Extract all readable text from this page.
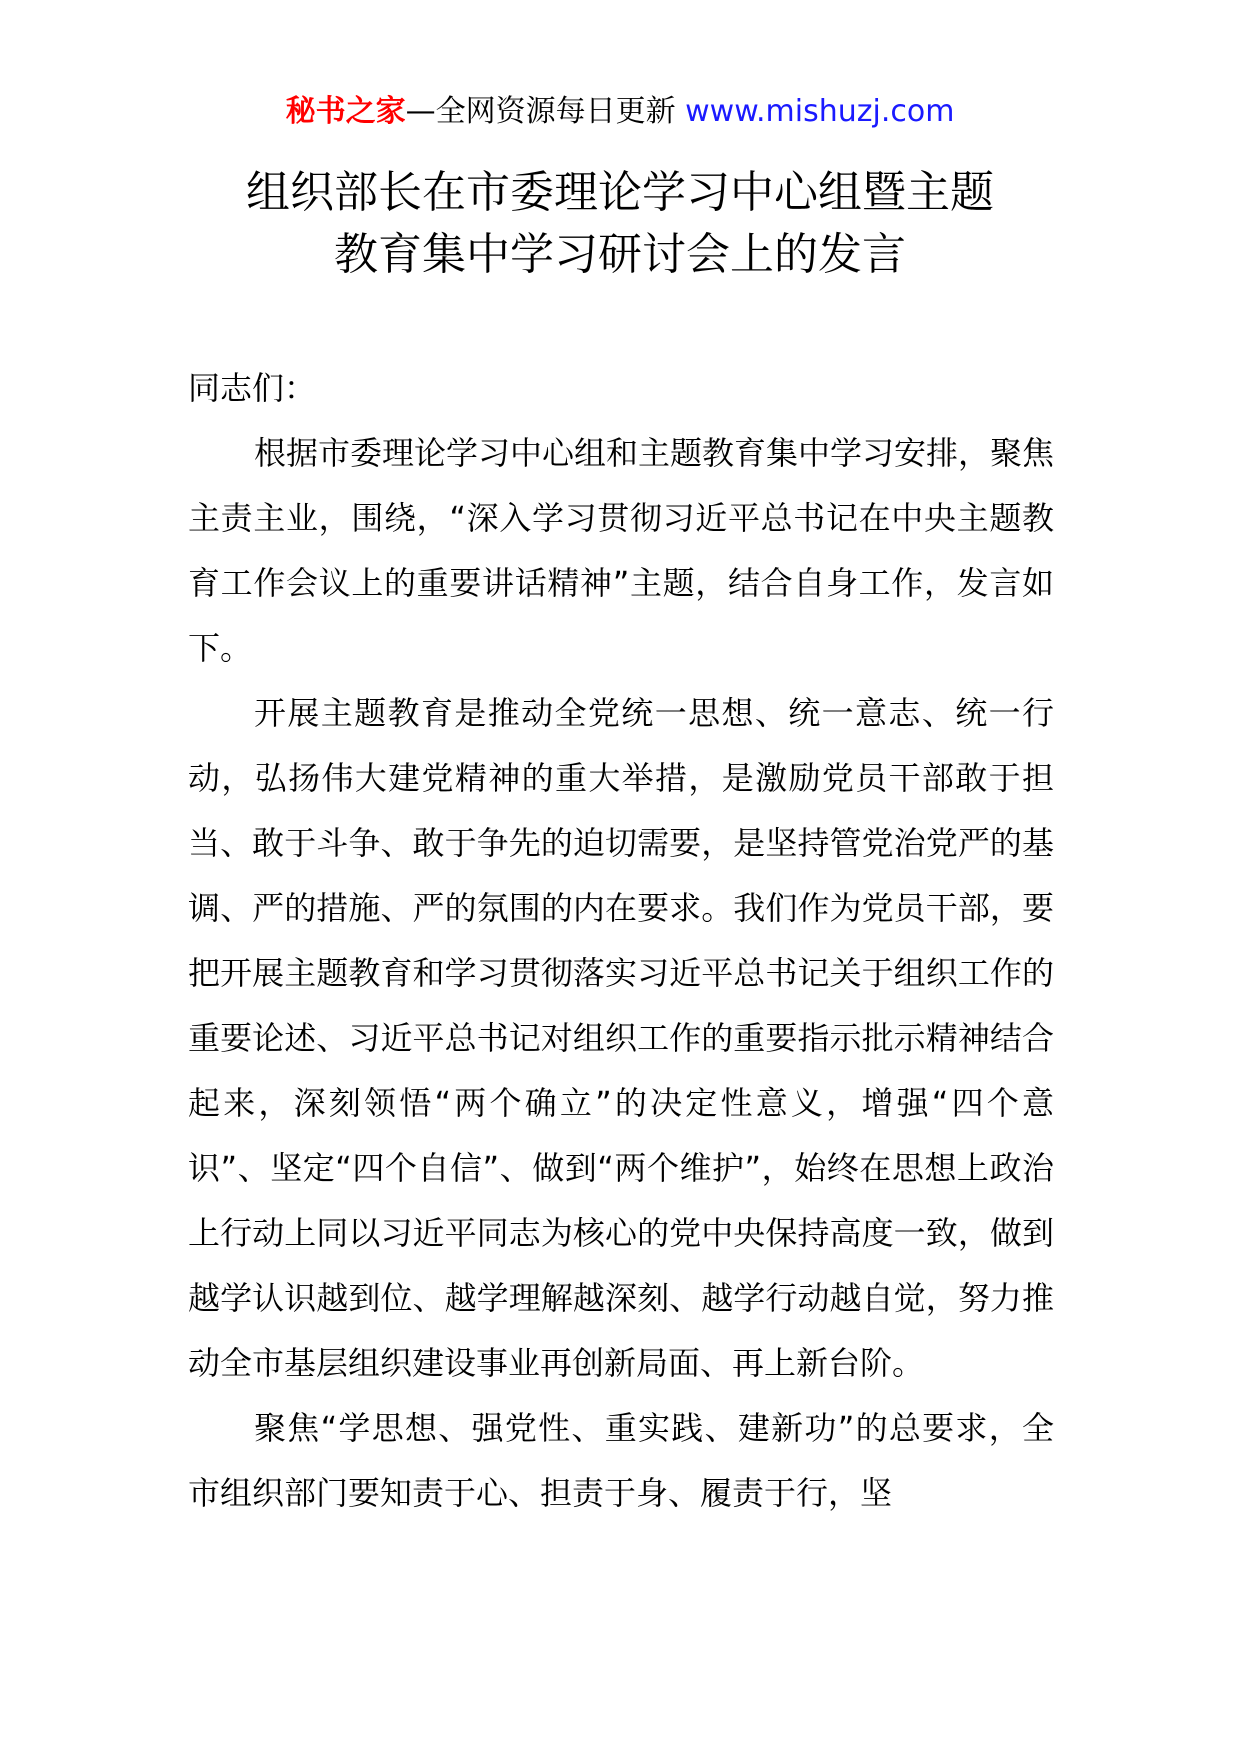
秘书之家—全网资源每日更新 www.mishuzj.com
组织部长在市委理论学习中心组暨主题
教育集中学习研讨会上的发言

同志们：

根据市委理论学习中心组和主题教育集中学习安排，聚焦主责主业，围绕，“深入学习贯彻习近平总书记在中央主题教育工作会议上的重要讲话精神”主题，结合自身工作，发言如下。

开展主题教育是推动全党统一思想、统一意志、统一行动，弘扬伟大建党精神的重大举措，是激励党员干部敢于担当、敢于斗争、敢于争先的迫切需要，是坚持管党治党严的基调、严的措施、严的氛围的内在要求。我们作为党员干部，要把开展主题教育和学习贯彻落实习近平总书记关于组织工作的重要论述、习近平总书记对组织工作的重要指示批示精神结合起来，深刻领悟“两个确立”的决定性意义，增强“四个意识”、坚定“四个自信”、做到“两个维护”，始终在思想上政治上行动上同以习近平同志为核心的党中央保持高度一致，做到越学认识越到位、越学理解越深刻、越学行动越自觉，努力推动全市基层组织建设事业再创新局面、再上新台阶。

聚焦“学思想、强党性、重实践、建新功”的总要求，全市组织部门要知责于心、担责于身、履责于行，坚
